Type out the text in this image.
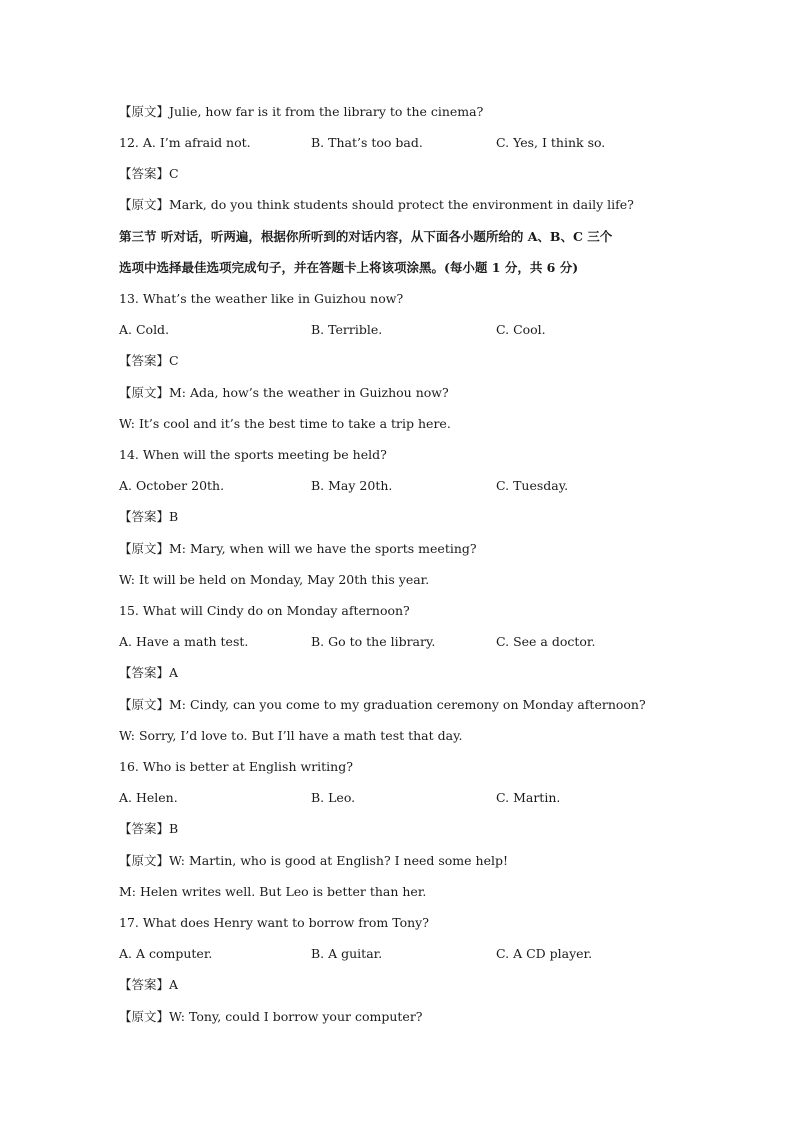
【原文】Julie, how far is it from the library to the cinema?
12. A. I’m afraid not.	B. That’s too bad.	C. Yes, I think so.
【答案】C
【原文】Mark, do you think students should protect the environment in daily life?
第三节 听对话，听两遍，根据你所听到的对话内容，从下面各小题所给的 A、B、C 三个
选项中选择最佳选项完成句子，并在答题卡上将该项涂黑。(每小题 1 分，共 6 分)
13. What’s the weather like in Guizhou now?
A. Cold.	B. Terrible.	C. Cool.
【答案】C
【原文】M: Ada, how’s the weather in Guizhou now?
W: It’s cool and it’s the best time to take a trip here.
14. When will the sports meeting be held?
A. October 20th.	B. May 20th.	C. Tuesday.
【答案】B
【原文】M: Mary, when will we have the sports meeting?
W: It will be held on Monday, May 20th this year.
15. What will Cindy do on Monday afternoon?
A. Have a math test.	B. Go to the library.	C. See a doctor.
【答案】A
【原文】M: Cindy, can you come to my graduation ceremony on Monday afternoon?
W: Sorry, I’d love to. But I’ll have a math test that day.
16. Who is better at English writing?
A. Helen.	B. Leo.	C. Martin.
【答案】B
【原文】W: Martin, who is good at English? I need some help!
M: Helen writes well. But Leo is better than her.
17. What does Henry want to borrow from Tony?
A. A computer.	B. A guitar.	C. A CD player.
【答案】A
【原文】W: Tony, could I borrow your computer?
